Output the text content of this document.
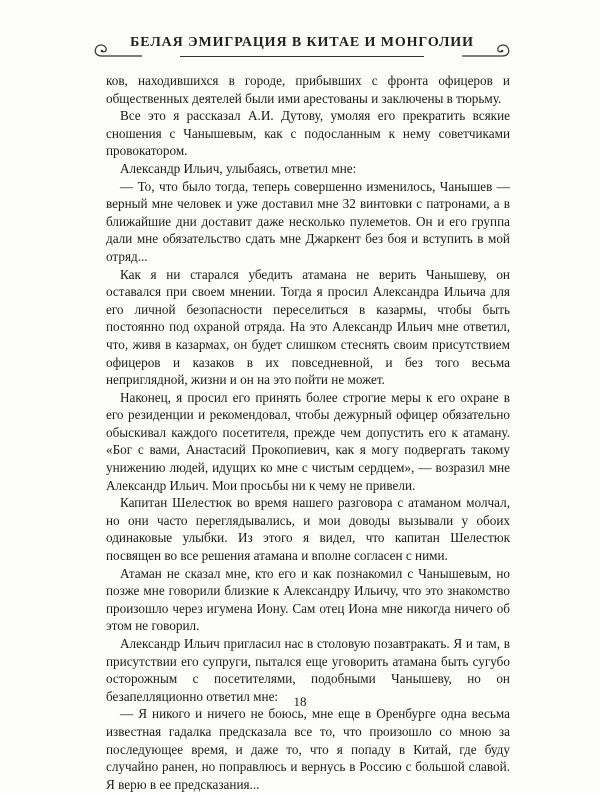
БЕЛАЯ ЭМИГРАЦИЯ В КИТАЕ И МОНГОЛИИ

ков, находившихся в городе, прибывших с фронта офицеров и общественных деятелей были ими арестованы и заключены в тюрьму.

Все это я рассказал А.И. Дутову, умоляя его прекратить всякие сношения с Чанышевым, как с подосланным к нему советчиками провокатором.

Александр Ильич, улыбаясь, ответил мне:

— То, что было тогда, теперь совершенно изменилось, Чанышев — верный мне человек и уже доставил мне 32 винтовки с патронами, а в ближайшие дни доставит даже несколько пулеметов. Он и его группа дали мне обязательство сдать мне Джаркент без боя и вступить в мой отряд...

Как я ни старался убедить атамана не верить Чанышеву, он оставался при своем мнении. Тогда я просил Александра Ильича для его личной безопасности переселиться в казармы, чтобы быть постоянно под охраной отряда. На это Александр Ильич мне ответил, что, живя в казармах, он будет слишком стеснять своим присутствием офицеров и казаков в их повседневной, и без того весьма неприглядной, жизни и он на это пойти не может.

Наконец, я просил его принять более строгие меры к его охране в его резиденции и рекомендовал, чтобы дежурный офицер обязательно обыскивал каждого посетителя, прежде чем допустить его к атаману. «Бог с вами, Анастасий Прокопиевич, как я могу подвергать такому унижению людей, идущих ко мне с чистым сердцем», — возразил мне Александр Ильич. Мои просьбы ни к чему не привели.

Капитан Шелестюк во время нашего разговора с атаманом молчал, но они часто переглядывались, и мои доводы вызывали у обоих одинаковые улыбки. Из этого я видел, что капитан Шелестюк посвящен во все решения атамана и вполне согласен с ними.

Атаман не сказал мне, кто его и как познакомил с Чанышевым, но позже мне говорили близкие к Александру Ильичу, что это знакомство произошло через игумена Иону. Сам отец Иона мне никогда ничего об этом не говорил.

Александр Ильич пригласил нас в столовую позавтракать. Я и там, в присутствии его супруги, пытался еще уговорить атамана быть сугубо осторожным с посетителями, подобными Чанышеву, но он безапелляционно ответил мне:

— Я никого и ничего не боюсь, мне еще в Оренбурге одна весьма известная гадалка предсказала все то, что произошло со мною за последующее время, и даже то, что я попаду в Китай, где буду случайно ранен, но поправлюсь и вернусь в Россию с большой славой. Я верю в ее предсказания...

18
